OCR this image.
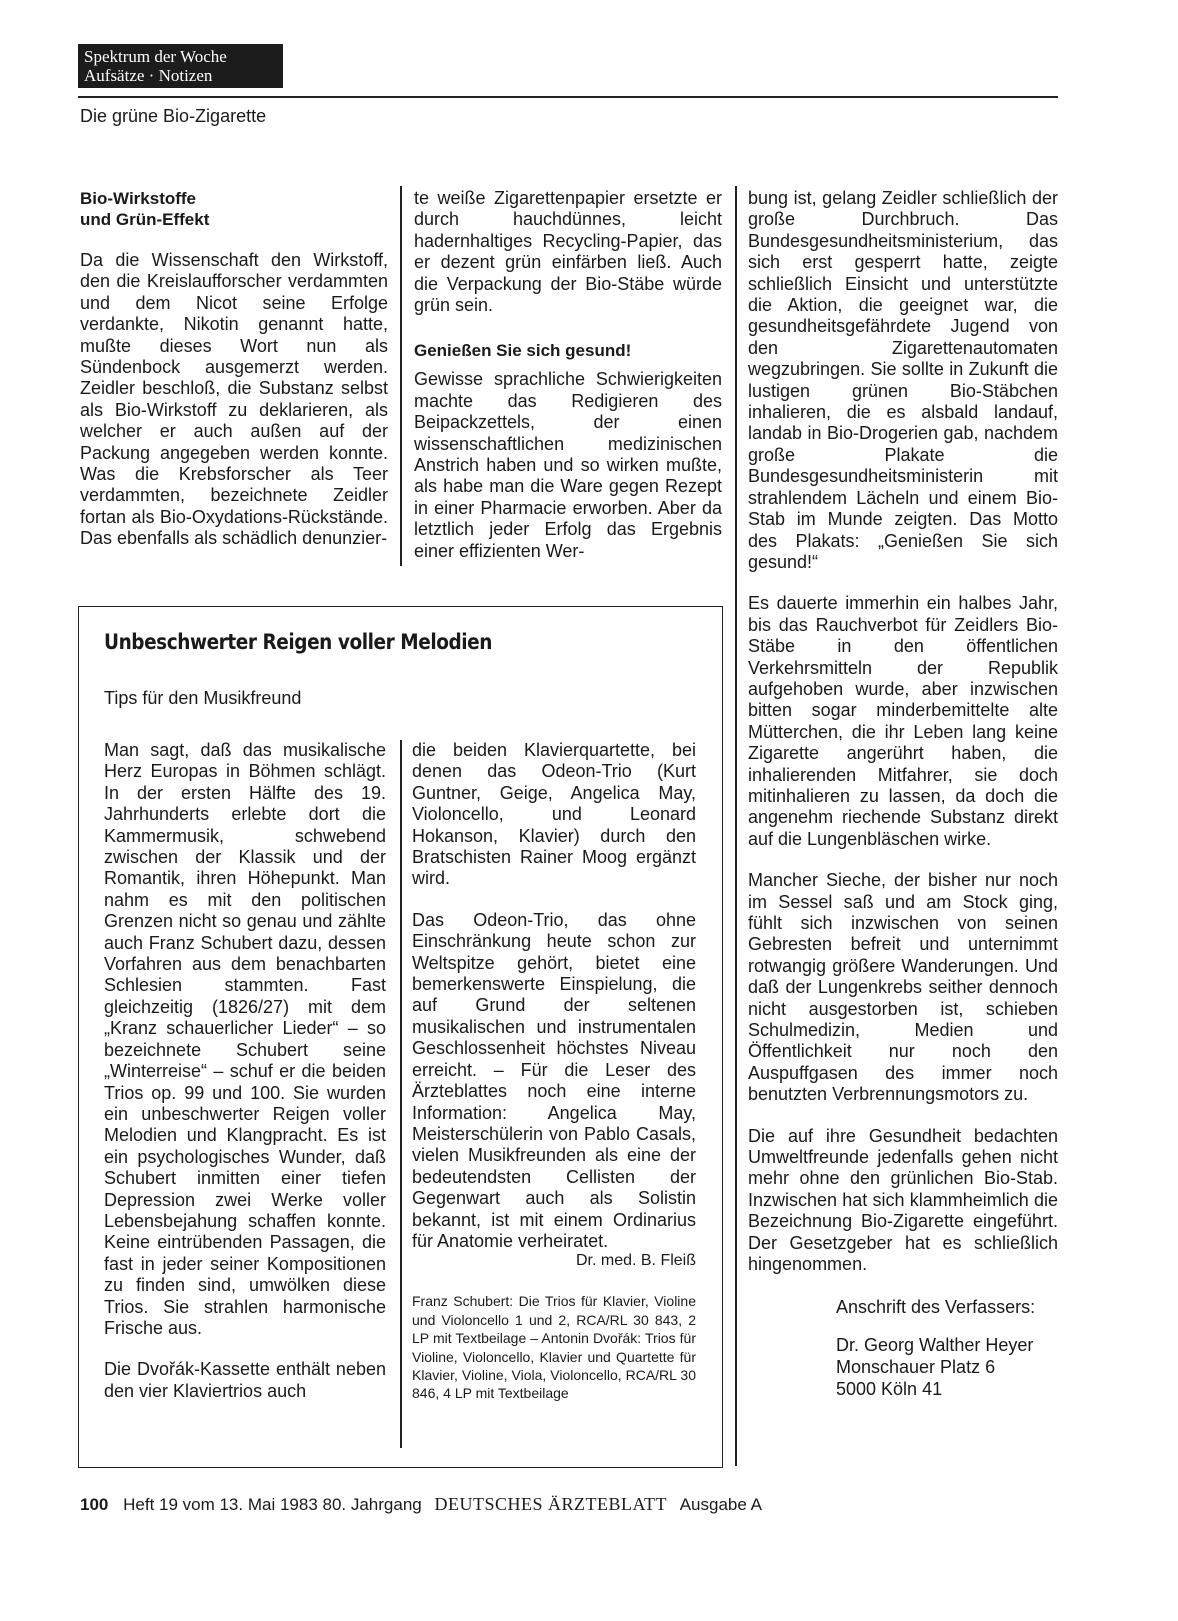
Spektrum der Woche
Aufsätze · Notizen
Die grüne Bio-Zigarette
Bio-Wirkstoffe
und Grün-Effekt

Da die Wissenschaft den Wirkstoff, den die Kreislaufforscher verdammten und dem Nicot seine Erfolge verdankte, Nikotin genannt hatte, mußte dieses Wort nun als Sündenbock ausgemerzt werden. Zeidler beschloß, die Substanz selbst als Bio-Wirkstoff zu deklarieren, als welcher er auch außen auf der Packung angegeben werden konnte. Was die Krebsforscher als Teer verdammten, bezeichnete Zeidler fortan als Bio-Oxydations-Rückstände. Das ebenfalls als schädlich denunzier-

te weiße Zigarettenpapier ersetzte er durch hauchdünnes, leicht hadernhaltiges Recycling-Papier, das er dezent grün einfärben ließ. Auch die Verpackung der Bio-Stäbe würde grün sein.

Genießen Sie sich gesund!

Gewisse sprachliche Schwierigkeiten machte das Redigieren des Beipackzettels, der einen wissenschaftlichen medizinischen Anstrich haben und so wirken mußte, als habe man die Ware gegen Rezept in einer Pharmacie erworben. Aber da letztlich jeder Erfolg das Ergebnis einer effizienten Wer-

bung ist, gelang Zeidler schließlich der große Durchbruch. Das Bundesgesundheitsministerium, das sich erst gesperrt hatte, zeigte schließlich Einsicht und unterstützte die Aktion, die geeignet war, die gesundheitsgefährdete Jugend von den Zigarettenautomaten wegzubringen. Sie sollte in Zukunft die lustigen grünen Bio-Stäbchen inhalieren, die es alsbald landauf, landab in Bio-Drogerien gab, nachdem große Plakate die Bundesgesundheitsministerin mit strahlendem Lächeln und einem Bio-Stab im Munde zeigten. Das Motto des Plakats: „Genießen Sie sich gesund!“

Es dauerte immerhin ein halbes Jahr, bis das Rauchverbot für Zeidlers Bio-Stäbe in den öffentlichen Verkehrsmitteln der Republik aufgehoben wurde, aber inzwischen bitten sogar minderbemittelte alte Mütterchen, die ihr Leben lang keine Zigarette angerührt haben, die inhalierenden Mitfahrer, sie doch mitinhalieren zu lassen, da doch die angenehm riechende Substanz direkt auf die Lungenbläschen wirke.

Mancher Sieche, der bisher nur noch im Sessel saß und am Stock ging, fühlt sich inzwischen von seinen Gebresten befreit und unternimmt rotwangig größere Wanderungen. Und daß der Lungenkrebs seither dennoch nicht ausgestorben ist, schieben Schulmedizin, Medien und Öffentlichkeit nur noch den Auspuffgasen des immer noch benutzten Verbrennungsmotors zu.

Die auf ihre Gesundheit bedachten Umweltfreunde jedenfalls gehen nicht mehr ohne den grünlichen Bio-Stab. Inzwischen hat sich klammheimlich die Bezeichnung Bio-Zigarette eingeführt. Der Gesetzgeber hat es schließlich hingenommen.

Anschrift des Verfassers:

Dr. Georg Walther Heyer

Monschauer Platz 6

5000 Köln 41

Unbeschwerter Reigen voller Melodien
Tips für den Musikfreund

Man sagt, daß das musikalische Herz Europas in Böhmen schlägt. In der ersten Hälfte des 19. Jahrhunderts erlebte dort die Kammermusik, schwebend zwischen der Klassik und der Romantik, ihren Höhepunkt. Man nahm es mit den politischen Grenzen nicht so genau und zählte auch Franz Schubert dazu, dessen Vorfahren aus dem benachbarten Schlesien stammten. Fast gleichzeitig (1826/27) mit dem „Kranz schauerlicher Lieder“ – so bezeichnete Schubert seine „Winterreise“ – schuf er die beiden Trios op. 99 und 100. Sie wurden ein unbeschwerter Reigen voller Melodien und Klangpracht. Es ist ein psychologisches Wunder, daß Schubert inmitten einer tiefen Depression zwei Werke voller Lebensbejahung schaffen konnte. Keine eintrübenden Passagen, die fast in jeder seiner Kompositionen zu finden sind, umwölken diese Trios. Sie strahlen harmonische Frische aus.

Die Dvořák-Kassette enthält neben den vier Klaviertrios auch

die beiden Klavierquartette, bei denen das Odeon-Trio (Kurt Guntner, Geige, Angelica May, Violoncello, und Leonard Hokanson, Klavier) durch den Bratschisten Rainer Moog ergänzt wird.

Das Odeon-Trio, das ohne Einschränkung heute schon zur Weltspitze gehört, bietet eine bemerkenswerte Einspielung, die auf Grund der seltenen musikalischen und instrumentalen Geschlossenheit höchstes Niveau erreicht. – Für die Leser des Ärzteblattes noch eine interne Information: Angelica May, Meisterschülerin von Pablo Casals, vielen Musikfreunden als eine der bedeutendsten Cellisten der Gegenwart auch als Solistin bekannt, ist mit einem Ordinarius für Anatomie verheiratet.

Dr. med. B. Fleiß

Franz Schubert: Die Trios für Klavier, Violine und Violoncello 1 und 2, RCA/RL 30 843, 2 LP mit Textbeilage – Antonin Dvořák: Trios für Violine, Violoncello, Klavier und Quartette für Klavier, Violine, Viola, Violoncello, RCA/RL 30 846, 4 LP mit Textbeilage

100 Heft 19 vom 13. Mai 1983 80. Jahrgang DEUTSCHES ÄRZTEBLATT Ausgabe A
